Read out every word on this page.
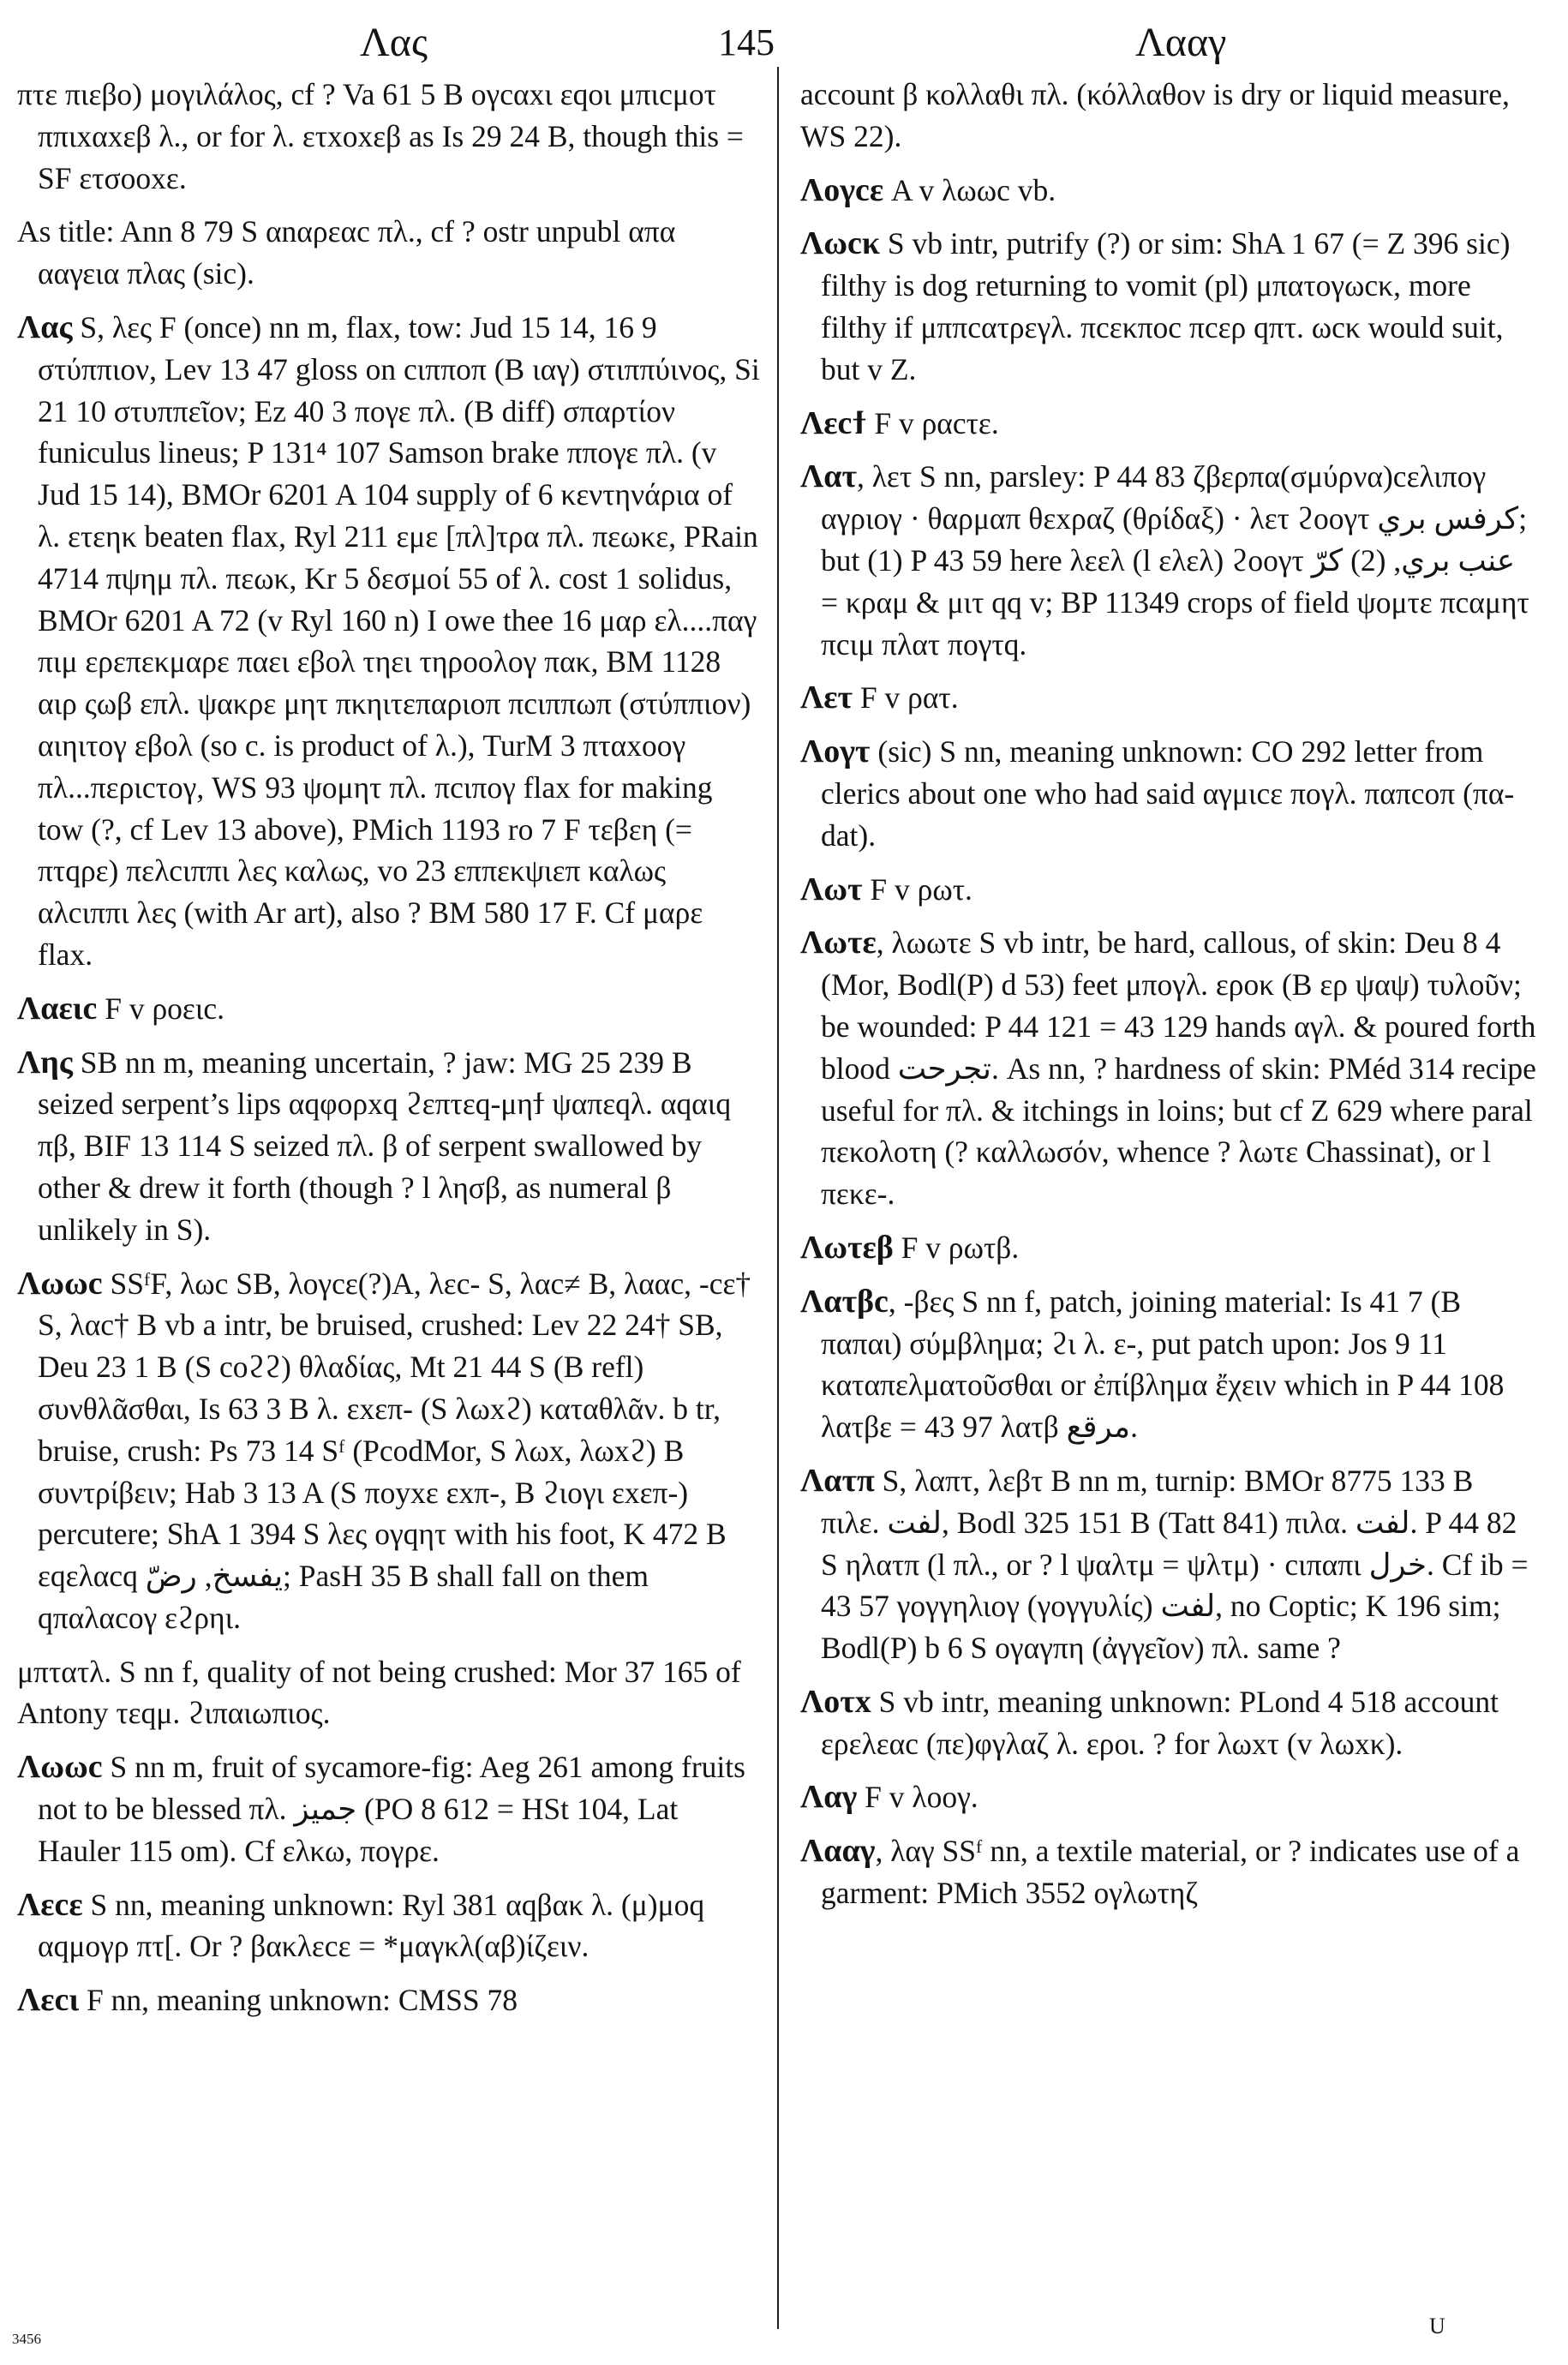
Λας	145	Λααγ

πτε πιεβο) μογιλάλος, cf ? Va 61 5 B ογcαxι εqοι μπιcμοτ ππιxαxεβ λ., or for λ. ετxοxεβ as Is 29 24 B, though this = SF ετσοοxε.

As title: Ann 8 79 S αnαρεαc πλ., cf ? ostr unpubl απα ααγεια πλας (sic).

Λας S, λες F (once) nn m, flax, tow: Jud 15 14, 16 9 στύππιον, Lev 13 47 gloss on cιππoπ (B ιαγ) στιππύινος, Si 21 10 στυππεῖον; Ez 40 3 πογε πλ. (B diff) σπαρτίον funiculus lineus; P 131⁴ 107 Samson brake ππογε πλ. (v Jud 15 14), BMOr 6201 A 104 supply of 6 κεντηνάρια of λ. ετεηκ beaten flax, Ryl 211 εμε [πλ]τρα πλ. πεωκε, PRain 4714 πψημ πλ. πεωκ, Kr 5 δεσμοί 55 of λ. cost 1 solidus, BMOr 6201 A 72 (v Ryl 160 n) I owe thee 16 μαρ ελ....παγ πιμ ερεπεκμαρε παει εβολ τηει τηροολογ πακ, BM 1128 αιρ ςωβ επλ. ψακρε μητ πκηιτεπαριοπ πcιππωπ (στύππιον) αιηιτογ εβολ (so c. is product of λ.), TurM 3 πταxοογ πλ...περιcτογ, WS 93 ψομητ πλ. πcιπογ flax for making tow (?, cf Lev 13 above), PMich 1193 ro 7 F τεβεη (= πτqρε) πελcιππι λες καλως, vo 23 εππεκψιεπ καλως αλcιππι λες (with Ar art), also ? BM 580 17 F. Cf μαρε flax.

Λαειc F v ροειc.

Λης SB nn m, meaning uncertain, ? jaw: MG 25 239 B seized serpent’s lips αqφορxq ϩεπτεq-μηϯ ψαπεqλ. αqαιq πβ, BIF 13 114 S seized πλ. β of serpent swallowed by other & drew it forth (though ? l λησβ, as numeral β unlikely in S).

Λωωc SSᶠF, λωc SB, λογcε(?)A, λεc- S, λαc≠ B, λααc, -cε† S, λαc† B vb a intr, be bruised, crushed: Lev 22 24† SB, Deu 23 1 B (S cοϩϩ) θλαδίας, Mt 21 44 S (B refl) συνθλᾶσθαι, Is 63 3 B λ. εxεπ- (S λωxϩ) καταθλᾶν. b tr, bruise, crush: Ps 73 14 Sᶠ (PcodMor, S λωx, λωxϩ) B συντρίβειν; Hab 3 13 A (S ποyxε εxπ-, B ϩιογι εxεπ-) percutere; ShA 1 394 S λες ογqητ with his foot, K 472 B εqελαcq يفسخ, رضّ; PasH 35 B shall fall on them qπαλαcογ εϩρηι.

μπτατλ. S nn f, quality of not being crushed: Mor 37 165 of Antony τεqμ. ϩιπαιωπιος.

Λωωc S nn m, fruit of sycamore-fig: Aeg 261 among fruits not to be blessed πλ. جميز (PO 8 612 = HSt 104, Lat Hauler 115 om). Cf ελκω, πογρε.

Λεcε S nn, meaning unknown: Ryl 381 αqβακ λ. (μ)μοq αqμογρ πτ[. Or ? βακλεcε = *μαγκλ(αβ)ίζειν.

Λεcι F nn, meaning unknown: CMSS 78

account β κολλαθι πλ. (κόλλαθον is dry or liquid measure, WS 22).

Λογcε A v λωωc vb.

Λωcκ S vb intr, putrify (?) or sim: ShA 1 67 (= Z 396 sic) filthy is dog returning to vomit (pl) μπατογωcκ, more filthy if μππcατρεγλ. πcεκποc πcερ qπτ. ωcκ would suit, but v Z.

Λεcϯ F v ραcτε.

Λατ, λετ S nn, parsley: P 44 83 ζβερπα(σμύρνα)cελιπογ αγριογ · θαρμαπ θεxραζ (θρίδαξ) · λετ ϩοογτ كرفس بري; but (1) P 43 59 here λεελ (l ελελ) ϩοογτ عنب بري, (2) كرّ = κραμ & μιτ qq v; BP 11349 crops of field ψομτε πcαμητ πcιμ πλατ πογτq.

Λετ F v ρατ.

Λογτ (sic) S nn, meaning unknown: CO 292 letter from clerics about one who had said αγμιcε πογλ. παπcοπ (πα- dat).

Λωτ F v ρωτ.

Λωτε, λωωτε S vb intr, be hard, callous, of skin: Deu 8 4 (Mor, Bodl(P) d 53) feet μπογλ. ερoκ (B ερ ψαψ) τυλοῦν; be wounded: P 44 121 = 43 129 hands αγλ. & poured forth blood تجرحت. As nn, ? hardness of skin: PMéd 314 recipe useful for πλ. & itchings in loins; but cf Z 629 where paral πεκολοτη (? καλλωσόν, whence ? λωτε Chassinat), or l πεκε-.

Λωτεβ F v ρωτβ.

Λατβc, -βες S nn f, patch, joining material: Is 41 7 (B παπαι) σύμβλημα; ϩι λ. ε-, put patch upon: Jos 9 11 καταπελματοῦσθαι or ἐπίβλημα ἔχειν which in P 44 108 λατβε = 43 97 λατβ مرقع.

Λατπ S, λαπτ, λεβτ B nn m, turnip: BMOr 8775 133 B πιλε. لفت, Bodl 325 151 B (Tatt 841) πιλα. لفت. P 44 82 S ηλατπ (l πλ., or ? l ψαλτμ = ψλτμ) · cιπαπι خرل. Cf ib = 43 57 γογγηλιογ (γογγυλίς) لفت, no Coptic; K 196 sim; Bodl(P) b 6 S ογαγπη (ἀγγεῖον) πλ. same ?

Λοτx S vb intr, meaning unknown: PLond 4 518 account ερελεαc (πε)φγλαζ λ. εροι. ? for λωxτ (v λωxκ).

Λαγ F v λοογ.

Λααγ, λαγ SSᶠ nn, a textile material, or ? indicates use of a garment: PMich 3552 ογλωτηζ

3456
U
